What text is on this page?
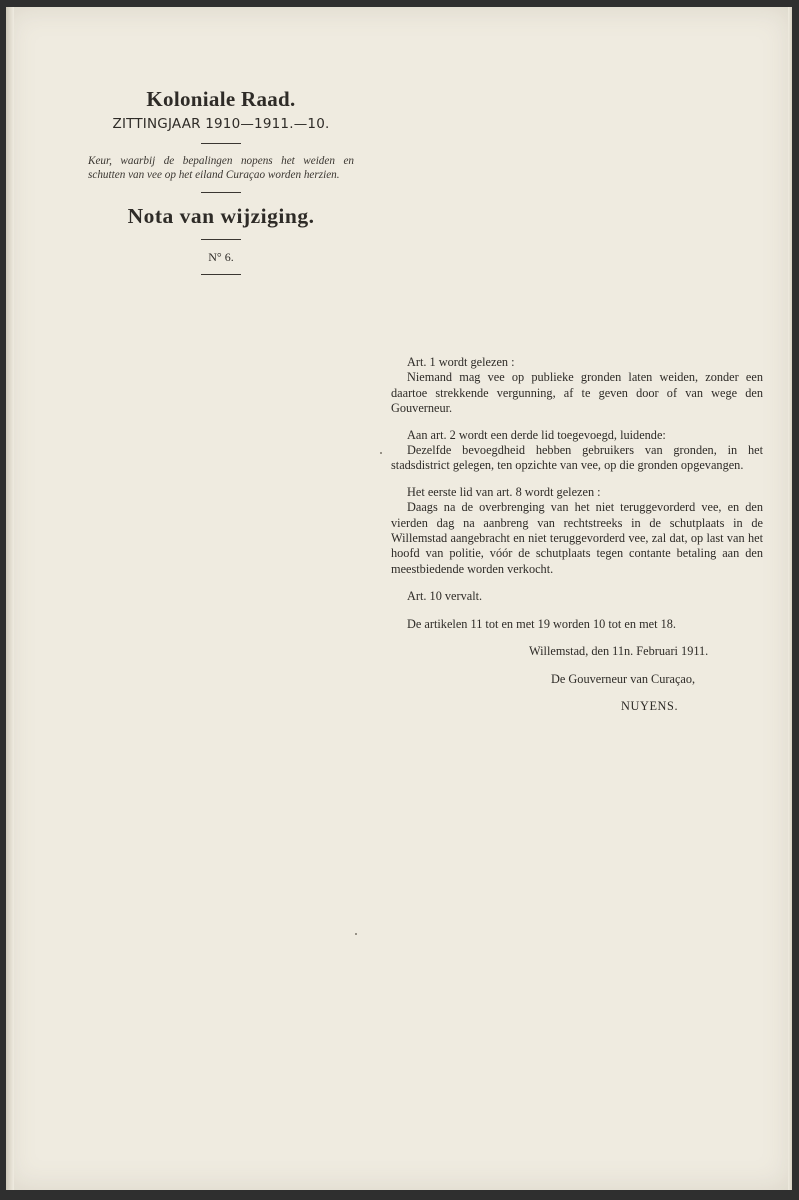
Koloniale Raad.

ZITTINGJAAR 1910—1911.—10.

Keur, waarbij de bepalingen nopens het weiden en schutten van vee op het eiland Curaçao worden herzien.

Nota van wijziging.

N° 6.

Art. 1 wordt gelezen :

Niemand mag vee op publieke gronden laten weiden, zonder een daartoe strekkende vergunning, af te geven door of van wege den Gouverneur.

Aan art. 2 wordt een derde lid toegevoegd, luidende:

Dezelfde bevoegdheid hebben gebruikers van gronden, in het stadsdistrict gelegen, ten opzichte van vee, op die gronden opgevangen.

Het eerste lid van art. 8 wordt gelezen :

Daags na de overbrenging van het niet teruggevorderd vee, en den vierden dag na aanbreng van rechtstreeks in de schutplaats in de Willemstad aangebracht en niet teruggevorderd vee, zal dat, op last van het hoofd van politie, vóór de schutplaats tegen contante betaling aan den meestbiedende worden verkocht.

Art. 10 vervalt.

De artikelen 11 tot en met 19 worden 10 tot en met 18.

Willemstad, den 11n. Februari 1911.

De Gouverneur van Curaçao,

NUYENS.
